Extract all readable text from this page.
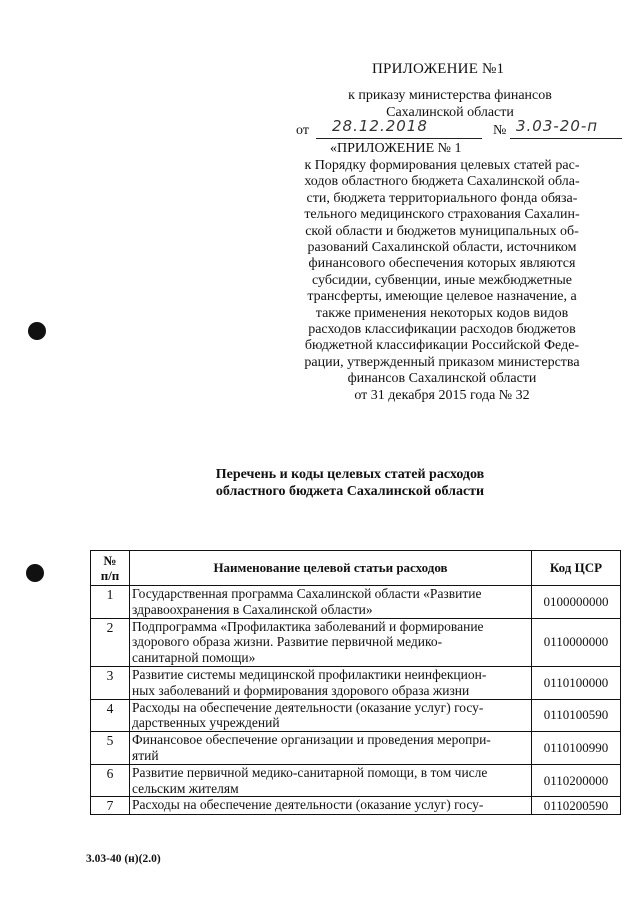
ПРИЛОЖЕНИЕ №1
к приказу министерства финансов
Сахалинской области
от 28.12.2018	№ 3.03-20-п
«ПРИЛОЖЕНИЕ № 1
к Порядку формирования целевых статей рас-
ходов областного бюджета Сахалинской обла-
сти, бюджета территориального фонда обяза-
тельного медицинского страхования Сахалин-
ской области и бюджетов муниципальных об-
разований Сахалинской области, источником
финансового обеспечения которых являются
субсидии, субвенции, иные межбюджетные
трансферты, имеющие целевое назначение, а
также применения некоторых кодов видов
расходов классификации расходов бюджетов
бюджетной классификации Российской Феде-
рации, утвержденный приказом министерства
финансов Сахалинской области
от 31 декабря 2015 года № 32
Перечень и коды целевых статей расходов
областного бюджета Сахалинской области
№
п/п	Наименование целевой статьи расходов	Код ЦСР
1	Государственная программа Сахалинской области «Развитие
здравоохранения в Сахалинской области»	0100000000
2	Подпрограмма «Профилактика заболеваний и формирование
здорового образа жизни. Развитие первичной медико-
санитарной помощи»	0110000000
3	Развитие системы медицинской профилактики неинфекцион-
ных заболеваний и формирования здорового образа жизни	0110100000
4	Расходы на обеспечение деятельности (оказание услуг) госу-
дарственных учреждений	0110100590
5	Финансовое обеспечение организации и проведения меропри-
ятий	0110100990
6	Развитие первичной медико-санитарной помощи, в том числе
сельским жителям	0110200000
7	Расходы на обеспечение деятельности (оказание услуг) госу-	0110200590
3.03-40 (н)(2.0)
